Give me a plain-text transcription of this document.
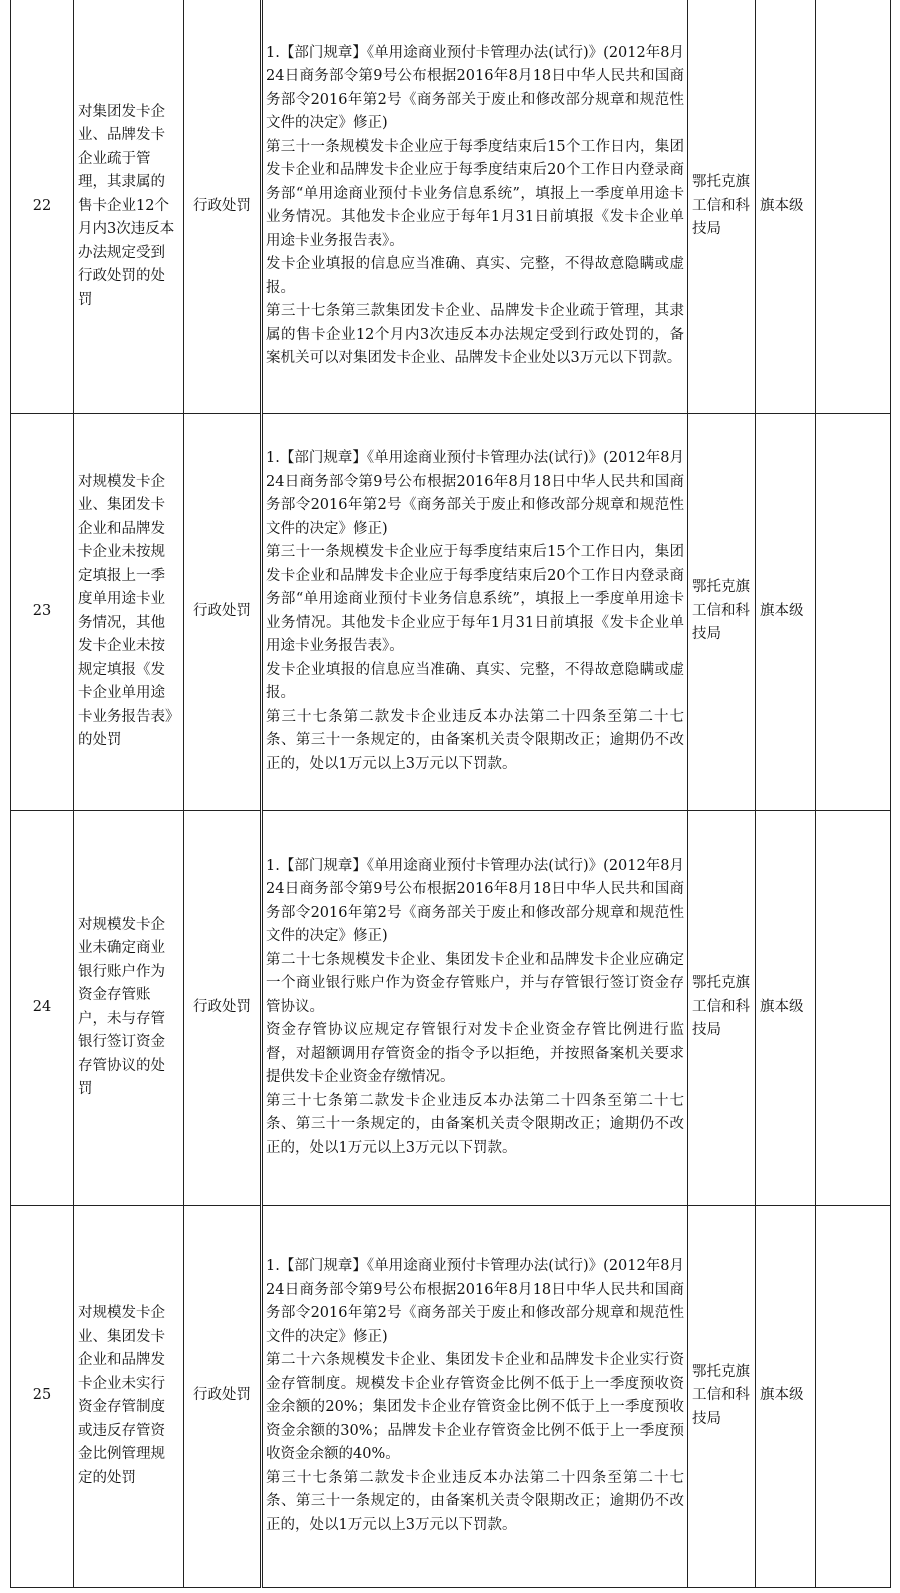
22	对集团发卡企业、品牌发卡企业疏于管理，其隶属的售卡企业12个月内3次违反本办法规定受到行政处罚的处罚	行政处罚	1.【部门规章】《单用途商业预付卡管理办法(试行)》(2012年8月24日商务部令第9号公布根据2016年8月18日中华人民共和国商务部令2016年第2号《商务部关于废止和修改部分规章和规范性文件的决定》修正)

第三十一条规模发卡企业应于每季度结束后15个工作日内，集团发卡企业和品牌发卡企业应于每季度结束后20个工作日内登录商务部“单用途商业预付卡业务信息系统”，填报上一季度单用途卡业务情况。其他发卡企业应于每年1月31日前填报《发卡企业单用途卡业务报告表》。

发卡企业填报的信息应当准确、真实、完整，不得故意隐瞒或虚报。

第三十七条第三款集团发卡企业、品牌发卡企业疏于管理，其隶属的售卡企业12个月内3次违反本办法规定受到行政处罚的，备案机关可以对集团发卡企业、品牌发卡企业处以3万元以下罚款。	鄂托克旗工信和科技局	旗本级	
23	对规模发卡企业、集团发卡企业和品牌发卡企业未按规定填报上一季度单用途卡业务情况，其他发卡企业未按规定填报《发卡企业单用途卡业务报告表》的处罚	行政处罚	1.【部门规章】《单用途商业预付卡管理办法(试行)》(2012年8月24日商务部令第9号公布根据2016年8月18日中华人民共和国商务部令2016年第2号《商务部关于废止和修改部分规章和规范性文件的决定》修正)

第三十一条规模发卡企业应于每季度结束后15个工作日内，集团发卡企业和品牌发卡企业应于每季度结束后20个工作日内登录商务部“单用途商业预付卡业务信息系统”，填报上一季度单用途卡业务情况。其他发卡企业应于每年1月31日前填报《发卡企业单用途卡业务报告表》。

发卡企业填报的信息应当准确、真实、完整，不得故意隐瞒或虚报。

第三十七条第二款发卡企业违反本办法第二十四条至第二十七条、第三十一条规定的，由备案机关责令限期改正；逾期仍不改正的，处以1万元以上3万元以下罚款。	鄂托克旗工信和科技局	旗本级	
24	对规模发卡企业未确定商业银行账户作为资金存管账户，未与存管银行签订资金存管协议的处罚	行政处罚	1.【部门规章】《单用途商业预付卡管理办法(试行)》(2012年8月24日商务部令第9号公布根据2016年8月18日中华人民共和国商务部令2016年第2号《商务部关于废止和修改部分规章和规范性文件的决定》修正)

第二十七条规模发卡企业、集团发卡企业和品牌发卡企业应确定一个商业银行账户作为资金存管账户，并与存管银行签订资金存管协议。

资金存管协议应规定存管银行对发卡企业资金存管比例进行监督，对超额调用存管资金的指令予以拒绝，并按照备案机关要求提供发卡企业资金存缴情况。

第三十七条第二款发卡企业违反本办法第二十四条至第二十七条、第三十一条规定的，由备案机关责令限期改正；逾期仍不改正的，处以1万元以上3万元以下罚款。	鄂托克旗工信和科技局	旗本级	
25	对规模发卡企业、集团发卡企业和品牌发卡企业未实行资金存管制度或违反存管资金比例管理规定的处罚	行政处罚	1.【部门规章】《单用途商业预付卡管理办法(试行)》(2012年8月24日商务部令第9号公布根据2016年8月18日中华人民共和国商务部令2016年第2号《商务部关于废止和修改部分规章和规范性文件的决定》修正)

第二十六条规模发卡企业、集团发卡企业和品牌发卡企业实行资金存管制度。规模发卡企业存管资金比例不低于上一季度预收资金余额的20%；集团发卡企业存管资金比例不低于上一季度预收资金余额的30%；品牌发卡企业存管资金比例不低于上一季度预收资金余额的40%。

第三十七条第二款发卡企业违反本办法第二十四条至第二十七条、第三十一条规定的，由备案机关责令限期改正；逾期仍不改正的，处以1万元以上3万元以下罚款。	鄂托克旗工信和科技局	旗本级	
